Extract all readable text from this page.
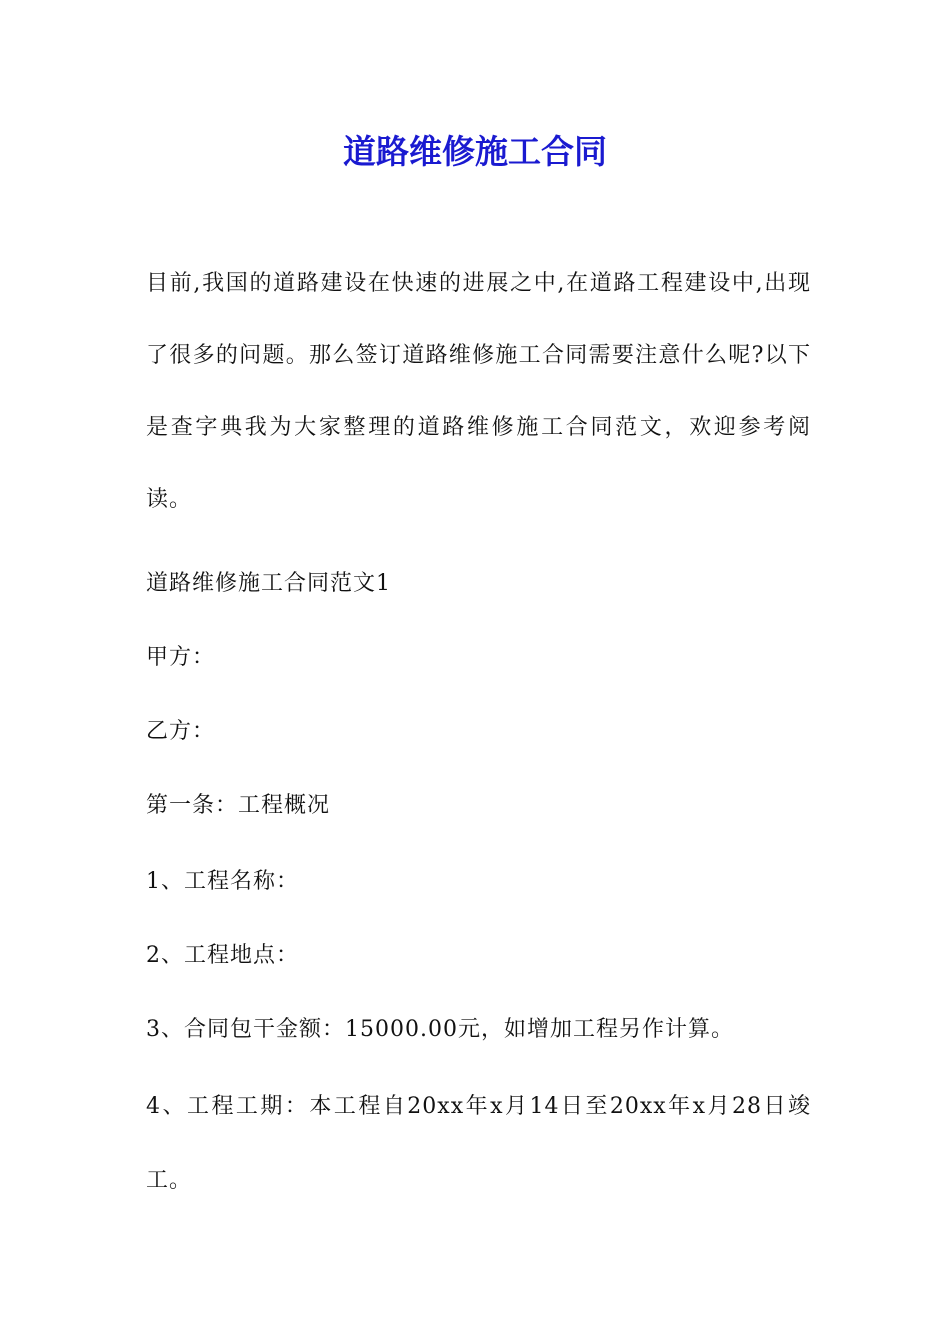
道路维修施工合同

目前,我国的道路建设在快速的进展之中,在道路工程建设中,出现了很多的问题。那么签订道路维修施工合同需要注意什么呢?以下是查字典我为大家整理的道路维修施工合同范文，欢迎参考阅读。

道路维修施工合同范文1

甲方：

乙方：

第一条：工程概况

1、工程名称：

2、工程地点：

3、合同包干金额：15000.00元，如增加工程另作计算。

4、工程工期：本工程自20xx年x月14日至20xx年x月28日竣工。
